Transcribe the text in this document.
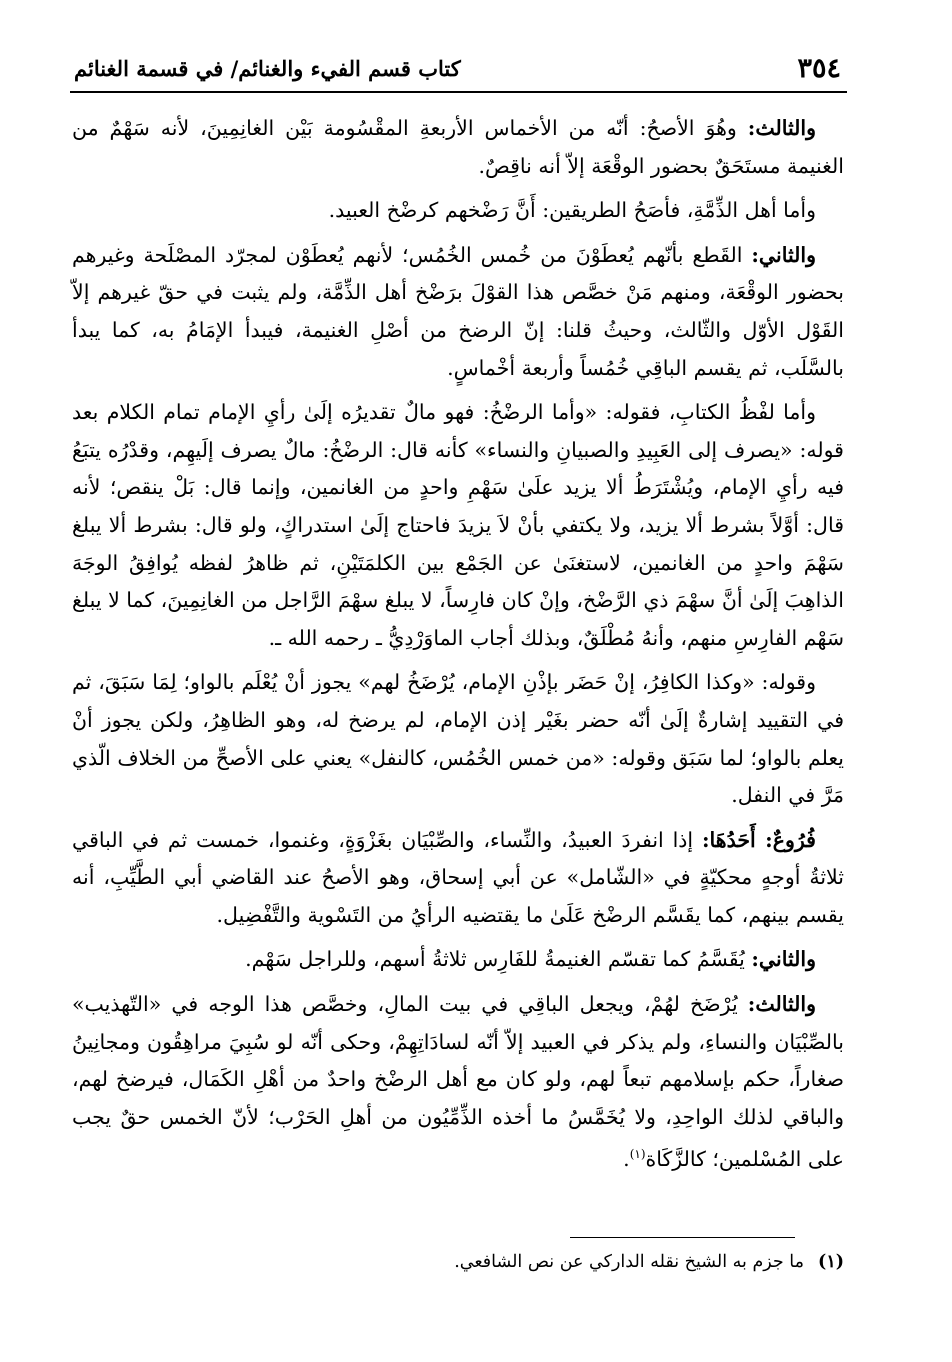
٣٥٤
كتاب قسم الفيء والغنائم/ في قسمة الغنائم

والثالث: وهُوَ الأصحُ: أنّه من الأخماس الأربعةِ المقْسُومة بَيْن الغانِمِينَ، لأنه سَهْمٌ من الغنيمة مستَحَقٌ بحضور الوقْعَة إلاّ أنه ناقِصٌ.

وأما أهل الذِّمَّةِ، فأصَحُ الطريقين: أَنَّ رَضْخهم كرضْخ العبيد.

والثاني: القَطع بأنّهم يُعطَوْنَ من خُمس الخُمُس؛ لأنهم يُعطَوْن لمجرّد المصْلَحة وغيرهم بحضور الوقْعَة، ومنهم مَنْ خصَّص هذا القوْلَ برَضْخ أهل الذِّمَّة، ولم يثبت في حقّ غيرهم إلاّ القَوْل الأوّل والثّالث، وحيثُ قلنا: إنّ الرضخ من أصْلِ الغنيمة، فيبدأ الإمَامُ به، كما يبدأ بالسَّلَب، ثم يقسم الباقِي خُمُساً وأربعة أخْماسٍ.

وأما لفْظُ الكتابِ، فقوله: «وأما الرضْخُ: فهو مالٌ تقديرُه إلَىٰ رأيِ الإمام تمام الكلام بعد قوله: «يصرف إلى العَبِيدِ والصبيانِ والنساء» كأنه قال: الرضْخُ: مالٌ يصرف إلَيهِم، وقدْرُه يتبَعُ فيه رأيِ الإمام، ويُشْتَرَطُ ألا يزيد علَىٰ سَهْمِ واحدٍ من الغانمين، وإنما قال: بَلْ ينقص؛ لأنه قال: أوَّلاً بشرط ألا يزيد، ولا يكتفي بأنْ لاَ يزيدَ فاحتاج إلَىٰ استدراكٍ، ولو قال: بشرط ألا يبلغ سَهْمَ واحدٍ من الغانمين، لاستغنَىٰ عن الجَمْع بين الكلمَتَيْنِ، ثم ظاهرُ لفظه يُوافِقُ الوجَهَ الذاهِبَ إلَىٰ أنَّ سهْمَ ذي الرَّضْخ، وإنْ كان فارِساً، لا يبلغ سهْمَ الرَّاجل من الغانِمِينَ، كما لا يبلغ سَهْم الفارِسِ منهم، وأنهُ مُطْلَقٌ، وبذلك أجاب الماوَرْدِيُّ ـ رحمه الله ـ.

وقوله: «وكذا الكافِرُ، إنْ حَضَر بإذْنِ الإمام، يُرْضَخُ لهم» يجوز أنْ يُعْلَم بالواو؛ لِمَا سَبَقَ، ثم في التقييد إشارةٌ إلَىٰ أنّه حضر بغَيْر إذن الإمام، لم يرضخ له، وهو الظاهِرُ، ولكن يجوز أنْ يعلم بالواو؛ لما سَبَق وقوله: «من خمس الخُمُس، كالنفل» يعني على الأصحِّ من الخلاف الّذي مَرَّ في النفل.

فُرُوعٌ: أَحَدُهَا: إذا انفردَ العبيدُ، والنِّساء، والصِّبْيَان بغَزْوَةٍ، وغنموا، خمست ثم في الباقي ثلاثةُ أوجهٍ محكيّةٍ في «الشّامل» عن أبي إسحاق، وهو الأصحُ عند القاضي أبي الطَّيِّبِ، أنه يقسم بينهم، كما يقَسَّم الرضْخ عَلَىٰ ما يقتضيه الرأيُ من التَسْوية والتَّفْضِيل.

والثاني: يُقَسَّمُ كما تقسّم الغنيمةُ للفَارِس ثلاثةُ أسهم، وللراجل سَهْم.

والثالث: يُرْضَخ لهُمْ، ويجعل الباقِي في بيت المالِ، وخصَّص هذا الوجه في «التّهذيب» بالصِّبْيَان والنساءِ، ولم يذكر في العبيد إلاّ أنّه لسادَاتِهِمْ، وحكى أنّه لو سُبِيَ مراهِقُون ومجانِينُ صغاراً، حكم بإسلامهم تبعاً لهم، ولو كان مع أهل الرضْخ واحدٌ من أهْلِ الكَمَال، فيرضخ لهم، والباقي لذلك الواحِدِ، ولا يُخَمَّسُ ما أخذه الذِّمِّيُون من أهلِ الحَرْب؛ لأنّ الخمس حقٌ يجب على المُسْلمين؛ كالزَّكَاة$^{(١)}$.

(١)ما جزم به الشيخ نقله الداركي عن نص الشافعي.
